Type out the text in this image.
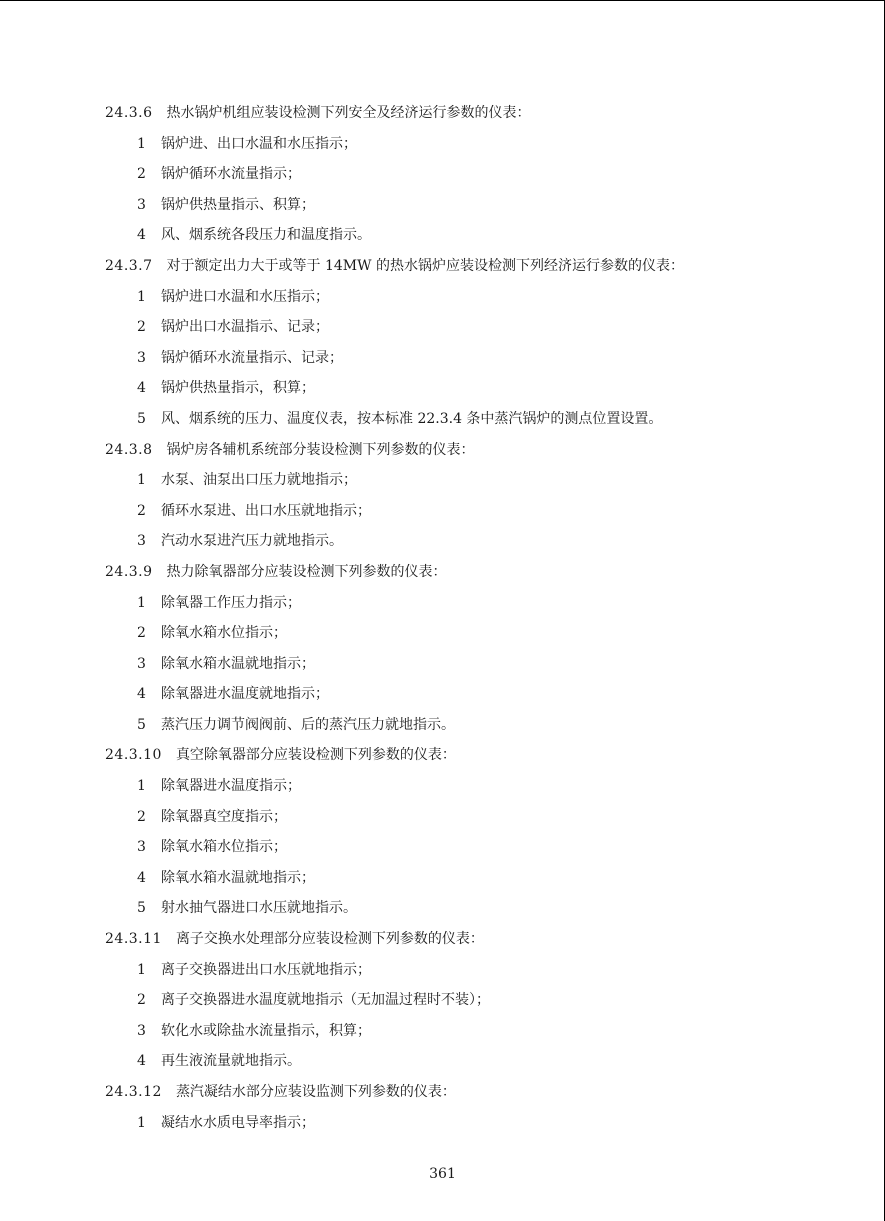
24.3.6 热水锅炉机组应装设检测下列安全及经济运行参数的仪表：
1 锅炉进、出口水温和水压指示；
2 锅炉循环水流量指示；
3 锅炉供热量指示、积算；
4 风、烟系统各段压力和温度指示。
24.3.7 对于额定出力大于或等于 14MW 的热水锅炉应装设检测下列经济运行参数的仪表：
1 锅炉进口水温和水压指示；
2 锅炉出口水温指示、记录；
3 锅炉循环水流量指示、记录；
4 锅炉供热量指示，积算；
5 风、烟系统的压力、温度仪表，按本标准 22.3.4 条中蒸汽锅炉的测点位置设置。
24.3.8 锅炉房各辅机系统部分装设检测下列参数的仪表：
1 水泵、油泵出口压力就地指示；
2 循环水泵进、出口水压就地指示；
3 汽动水泵进汽压力就地指示。
24.3.9 热力除氧器部分应装设检测下列参数的仪表：
1 除氧器工作压力指示；
2 除氧水箱水位指示；
3 除氧水箱水温就地指示；
4 除氧器进水温度就地指示；
5 蒸汽压力调节阀阀前、后的蒸汽压力就地指示。
24.3.10 真空除氧器部分应装设检测下列参数的仪表：
1 除氧器进水温度指示；
2 除氧器真空度指示；
3 除氧水箱水位指示；
4 除氧水箱水温就地指示；
5 射水抽气器进口水压就地指示。
24.3.11 离子交换水处理部分应装设检测下列参数的仪表：
1 离子交换器进出口水压就地指示；
2 离子交换器进水温度就地指示（无加温过程时不装）；
3 软化水或除盐水流量指示，积算；
4 再生液流量就地指示。
24.3.12 蒸汽凝结水部分应装设监测下列参数的仪表：
1 凝结水水质电导率指示；
361
